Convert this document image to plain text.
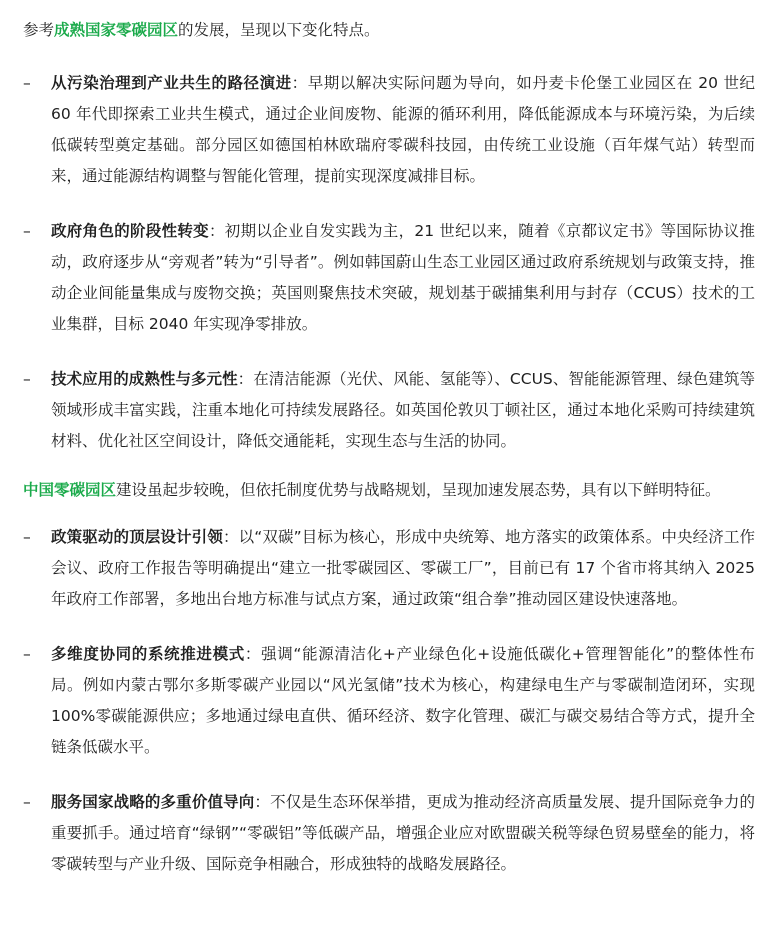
参考成熟国家零碳园区的发展，呈现以下变化特点。

– 从污染治理到产业共生的路径演进：早期以解决实际问题为导向，如丹麦卡伦堡工业园区在 20 世纪 60 年代即探索工业共生模式，通过企业间废物、能源的循环利用，降低能源成本与环境污染，为后续低碳转型奠定基础。部分园区如德国柏林欧瑞府零碳科技园，由传统工业设施（百年煤气站）转型而来，通过能源结构调整与智能化管理，提前实现深度减排目标。
– 政府角色的阶段性转变：初期以企业自发实践为主，21 世纪以来，随着《京都议定书》等国际协议推动，政府逐步从“旁观者”转为“引导者”。例如韩国蔚山生态工业园区通过政府系统规划与政策支持，推动企业间能量集成与废物交换；英国则聚焦技术突破，规划基于碳捕集利用与封存（CCUS）技术的工业集群，目标 2040 年实现净零排放。
– 技术应用的成熟性与多元性：在清洁能源（光伏、风能、氢能等）、CCUS、智能能源管理、绿色建筑等领域形成丰富实践，注重本地化可持续发展路径。如英国伦敦贝丁顿社区，通过本地化采购可持续建筑材料、优化社区空间设计，降低交通能耗，实现生态与生活的协同。

中国零碳园区建设虽起步较晚，但依托制度优势与战略规划，呈现加速发展态势，具有以下鲜明特征。

– 政策驱动的顶层设计引领：以“双碳”目标为核心，形成中央统筹、地方落实的政策体系。中央经济工作会议、政府工作报告等明确提出“建立一批零碳园区、零碳工厂”，目前已有 17 个省市将其纳入 2025 年政府工作部署，多地出台地方标准与试点方案，通过政策“组合拳”推动园区建设快速落地。
– 多维度协同的系统推进模式：强调“能源清洁化+产业绿色化+设施低碳化+管理智能化”的整体性布局。例如内蒙古鄂尔多斯零碳产业园以“风光氢储”技术为核心，构建绿电生产与零碳制造闭环，实现 100%零碳能源供应；多地通过绿电直供、循环经济、数字化管理、碳汇与碳交易结合等方式，提升全链条低碳水平。
– 服务国家战略的多重价值导向：不仅是生态环保举措，更成为推动经济高质量发展、提升国际竞争力的重要抓手。通过培育“绿钢”“零碳铝”等低碳产品，增强企业应对欧盟碳关税等绿色贸易壁垒的能力，将零碳转型与产业升级、国际竞争相融合，形成独特的战略发展路径。
